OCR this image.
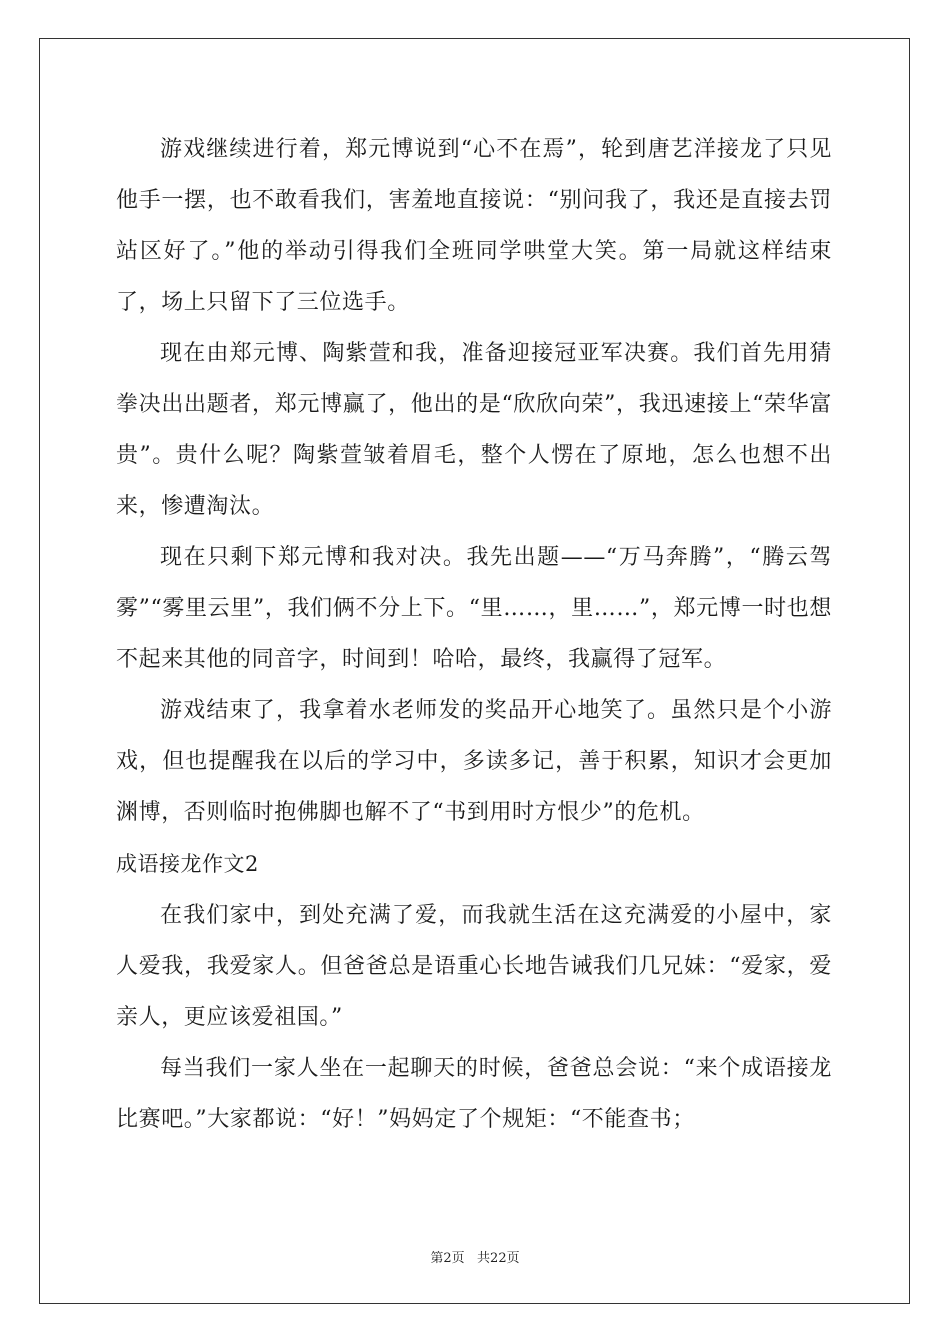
游戏继续进行着，郑元博说到“心不在焉”，轮到唐艺洋接龙了只见他手一摆，也不敢看我们，害羞地直接说：“别问我了，我还是直接去罚站区好了。”他的举动引得我们全班同学哄堂大笑。第一局就这样结束了，场上只留下了三位选手。

现在由郑元博、陶紫萱和我，准备迎接冠亚军决赛。我们首先用猜拳决出出题者，郑元博赢了，他出的是“欣欣向荣”，我迅速接上“荣华富贵”。贵什么呢？陶紫萱皱着眉毛，整个人愣在了原地，怎么也想不出来，惨遭淘汰。

现在只剩下郑元博和我对决。我先出题——“万马奔腾”，“腾云驾雾”“雾里云里”，我们俩不分上下。“里……，里……”，郑元博一时也想不起来其他的同音字，时间到！哈哈，最终，我赢得了冠军。

游戏结束了，我拿着水老师发的奖品开心地笑了。虽然只是个小游戏，但也提醒我在以后的学习中，多读多记，善于积累，知识才会更加渊博，否则临时抱佛脚也解不了“书到用时方恨少”的危机。

成语接龙作文2

在我们家中，到处充满了爱，而我就生活在这充满爱的小屋中，家人爱我，我爱家人。但爸爸总是语重心长地告诫我们几兄妹：“爱家，爱亲人，更应该爱祖国。”

每当我们一家人坐在一起聊天的时候，爸爸总会说：“来个成语接龙比赛吧。”大家都说：“好！”妈妈定了个规矩：“不能查书；

第2页   共22页
